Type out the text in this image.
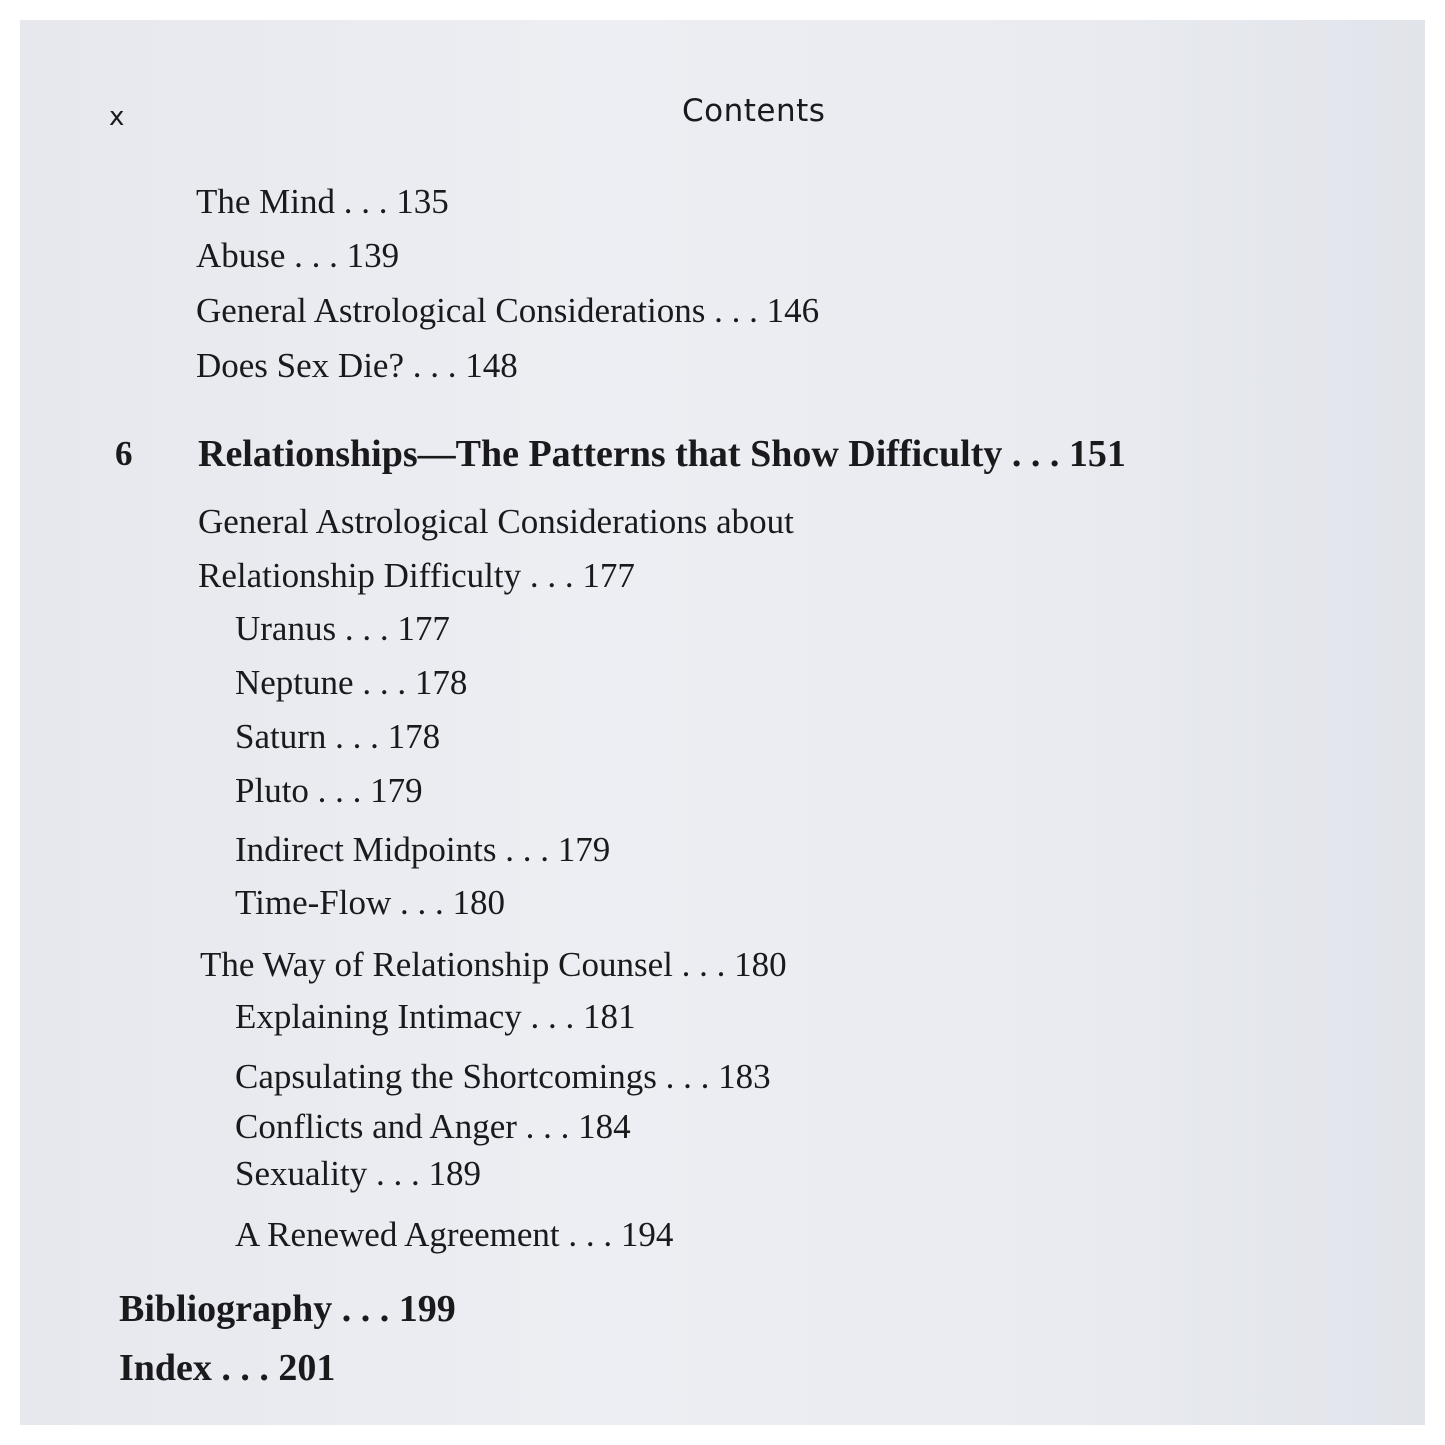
x	Contents
The Mind . . . 135
Abuse . . . 139
General Astrological Considerations . . . 146
Does Sex Die? . . . 148
6 Relationships—The Patterns that Show Difficulty . . . 151
General Astrological Considerations about
Relationship Difficulty . . . 177
Uranus . . . 177
Neptune . . . 178
Saturn . . . 178
Pluto . . . 179
Indirect Midpoints . . . 179
Time-Flow . . . 180
The Way of Relationship Counsel . . . 180
Explaining Intimacy . . . 181
Capsulating the Shortcomings . . . 183
Conflicts and Anger . . . 184
Sexuality . . . 189
A Renewed Agreement . . . 194
Bibliography . . . 199
Index . . . 201
